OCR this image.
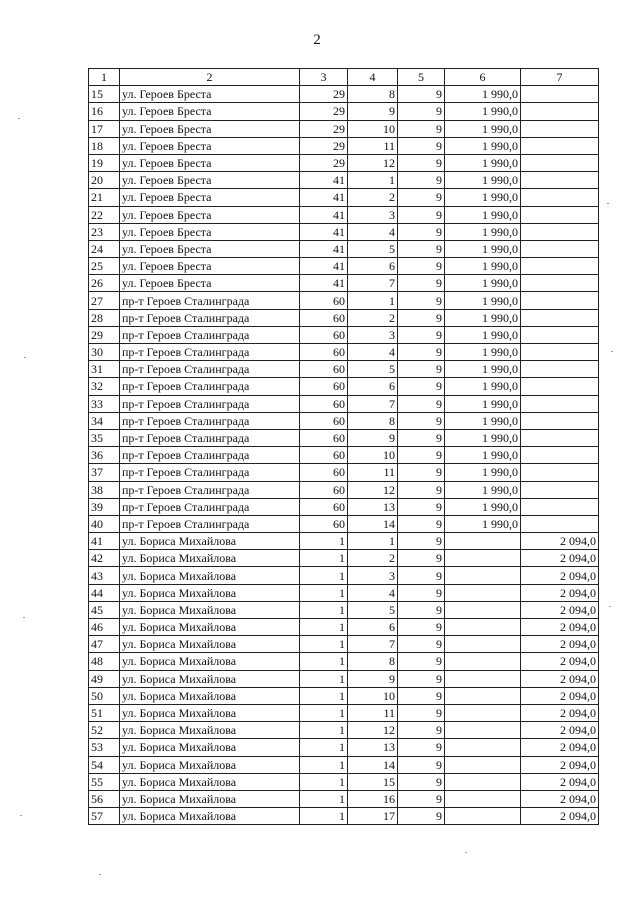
2
1	2	3	4	5	6	7
15	ул. Героев Бреста	29	8	9	1 990,0	
16	ул. Героев Бреста	29	9	9	1 990,0	
17	ул. Героев Бреста	29	10	9	1 990,0	
18	ул. Героев Бреста	29	11	9	1 990,0	
19	ул. Героев Бреста	29	12	9	1 990,0	
20	ул. Героев Бреста	41	1	9	1 990,0	
21	ул. Героев Бреста	41	2	9	1 990,0	
22	ул. Героев Бреста	41	3	9	1 990,0	
23	ул. Героев Бреста	41	4	9	1 990,0	
24	ул. Героев Бреста	41	5	9	1 990,0	
25	ул. Героев Бреста	41	6	9	1 990,0	
26	ул. Героев Бреста	41	7	9	1 990,0	
27	пр-т Героев Сталинграда	60	1	9	1 990,0	
28	пр-т Героев Сталинграда	60	2	9	1 990,0	
29	пр-т Героев Сталинграда	60	3	9	1 990,0	
30	пр-т Героев Сталинграда	60	4	9	1 990,0	
31	пр-т Героев Сталинграда	60	5	9	1 990,0	
32	пр-т Героев Сталинграда	60	6	9	1 990,0	
33	пр-т Героев Сталинграда	60	7	9	1 990,0	
34	пр-т Героев Сталинграда	60	8	9	1 990,0	
35	пр-т Героев Сталинграда	60	9	9	1 990,0	
36	пр-т Героев Сталинграда	60	10	9	1 990,0	
37	пр-т Героев Сталинграда	60	11	9	1 990,0	
38	пр-т Героев Сталинграда	60	12	9	1 990,0	
39	пр-т Героев Сталинграда	60	13	9	1 990,0	
40	пр-т Героев Сталинграда	60	14	9	1 990,0	
41	ул. Бориса Михайлова	1	1	9		2 094,0
42	ул. Бориса Михайлова	1	2	9		2 094,0
43	ул. Бориса Михайлова	1	3	9		2 094,0
44	ул. Бориса Михайлова	1	4	9		2 094,0
45	ул. Бориса Михайлова	1	5	9		2 094,0
46	ул. Бориса Михайлова	1	6	9		2 094,0
47	ул. Бориса Михайлова	1	7	9		2 094,0
48	ул. Бориса Михайлова	1	8	9		2 094,0
49	ул. Бориса Михайлова	1	9	9		2 094,0
50	ул. Бориса Михайлова	1	10	9		2 094,0
51	ул. Бориса Михайлова	1	11	9		2 094,0
52	ул. Бориса Михайлова	1	12	9		2 094,0
53	ул. Бориса Михайлова	1	13	9		2 094,0
54	ул. Бориса Михайлова	1	14	9		2 094,0
55	ул. Бориса Михайлова	1	15	9		2 094,0
56	ул. Бориса Михайлова	1	16	9		2 094,0
57	ул. Бориса Михайлова	1	17	9		2 094,0
